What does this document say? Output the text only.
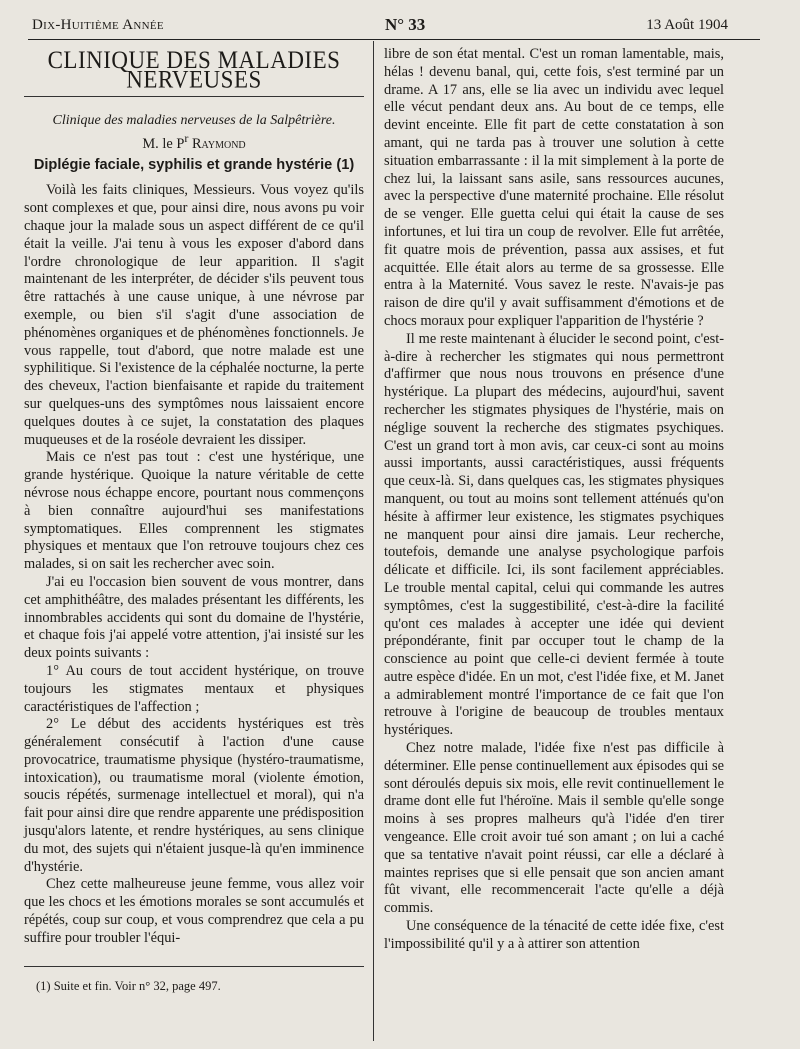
Dix-Huitième Année	N° 33	13 Août 1904
CLINIQUE DES MALADIES NERVEUSES
Clinique des maladies nerveuses de la Salpêtrière.
M. le $P^r$ Raymond
Diplégie faciale, syphilis et grande hystérie (1)

Voilà les faits cliniques, Messieurs. Vous voyez qu'ils sont complexes et que, pour ainsi dire, nous avons pu voir chaque jour la malade sous un aspect différent de ce qu'il était la veille. J'ai tenu à vous les exposer d'abord dans l'ordre chronologique de leur apparition. Il s'agit maintenant de les interpréter, de décider s'ils peuvent tous être rattachés à une cause unique, à une névrose par exemple, ou bien s'il s'agit d'une association de phénomènes organiques et de phénomènes fonctionnels. Je vous rappelle, tout d'abord, que notre malade est une syphilitique. Si l'existence de la céphalée nocturne, la perte des cheveux, l'action bienfaisante et rapide du traitement sur quelques-uns des symptômes nous laissaient encore quelques doutes à ce sujet, la constatation des plaques muqueuses et de la roséole devraient les dissiper.

Mais ce n'est pas tout : c'est une hystérique, une grande hystérique. Quoique la nature véritable de cette névrose nous échappe encore, pourtant nous commençons à bien connaître aujourd'hui ses manifestations symptomatiques. Elles comprennent les stigmates physiques et mentaux que l'on retrouve toujours chez ces malades, si on sait les rechercher avec soin.

J'ai eu l'occasion bien souvent de vous montrer, dans cet amphithéâtre, des malades présentant les différents, les innombrables accidents qui sont du domaine de l'hystérie, et chaque fois j'ai appelé votre attention, j'ai insisté sur les deux points suivants :

1° Au cours de tout accident hystérique, on trouve toujours les stigmates mentaux et physiques caractéristiques de l'affection ;

2° Le début des accidents hystériques est très généralement consécutif à l'action d'une cause provocatrice, traumatisme physique (hystéro-traumatisme, intoxication), ou traumatisme moral (violente émotion, soucis répétés, surmenage intellectuel et moral), qui n'a fait pour ainsi dire que rendre apparente une prédisposition jusqu'alors latente, et rendre hystériques, au sens clinique du mot, des sujets qui n'étaient jusque-là qu'en imminence d'hystérie.

Chez cette malheureuse jeune femme, vous allez voir que les chocs et les émotions morales se sont accumulés et répétés, coup sur coup, et vous comprendrez que cela a pu suffire pour troubler l'équi-

(1) Suite et fin. Voir n° 32, page 497.

libre de son état mental. C'est un roman lamentable, mais, hélas ! devenu banal, qui, cette fois, s'est terminé par un drame. A 17 ans, elle se lia avec un individu avec lequel elle vécut pendant deux ans. Au bout de ce temps, elle devint enceinte. Elle fit part de cette constatation à son amant, qui ne tarda pas à trouver une solution à cette situation embarrassante : il la mit simplement à la porte de chez lui, la laissant sans asile, sans ressources aucunes, avec la perspective d'une maternité prochaine. Elle résolut de se venger. Elle guetta celui qui était la cause de ses infortunes, et lui tira un coup de revolver. Elle fut arrêtée, fit quatre mois de prévention, passa aux assises, et fut acquittée. Elle était alors au terme de sa grossesse. Elle entra à la Maternité. Vous savez le reste. N'avais-je pas raison de dire qu'il y avait suffisamment d'émotions et de chocs moraux pour expliquer l'apparition de l'hystérie ?

Il me reste maintenant à élucider le second point, c'est-à-dire à rechercher les stigmates qui nous permettront d'affirmer que nous nous trouvons en présence d'une hystérique. La plupart des médecins, aujourd'hui, savent rechercher les stigmates physiques de l'hystérie, mais on néglige souvent la recherche des stigmates psychiques. C'est un grand tort à mon avis, car ceux-ci sont au moins aussi importants, aussi caractéristiques, aussi fréquents que ceux-là. Si, dans quelques cas, les stigmates physiques manquent, ou tout au moins sont tellement atténués qu'on hésite à affirmer leur existence, les stigmates psychiques ne manquent pour ainsi dire jamais. Leur recherche, toutefois, demande une analyse psychologique parfois délicate et difficile. Ici, ils sont facilement appréciables. Le trouble mental capital, celui qui commande les autres symptômes, c'est la suggestibilité, c'est-à-dire la facilité qu'ont ces malades à accepter une idée qui devient prépondérante, finit par occuper tout le champ de la conscience au point que celle-ci devient fermée à toute autre espèce d'idée. En un mot, c'est l'idée fixe, et M. Janet a admirablement montré l'importance de ce fait que l'on retrouve à l'origine de beaucoup de troubles mentaux hystériques.

Chez notre malade, l'idée fixe n'est pas difficile à déterminer. Elle pense continuellement aux épisodes qui se sont déroulés depuis six mois, elle revit continuellement le drame dont elle fut l'héroïne. Mais il semble qu'elle songe moins à ses propres malheurs qu'à l'idée d'en tirer vengeance. Elle croit avoir tué son amant ; on lui a caché que sa tentative n'avait point réussi, car elle a déclaré à maintes reprises que si elle pensait que son ancien amant fût vivant, elle recommencerait l'acte qu'elle a déjà commis.

Une conséquence de la ténacité de cette idée fixe, c'est l'impossibilité qu'il y a à attirer son attention
